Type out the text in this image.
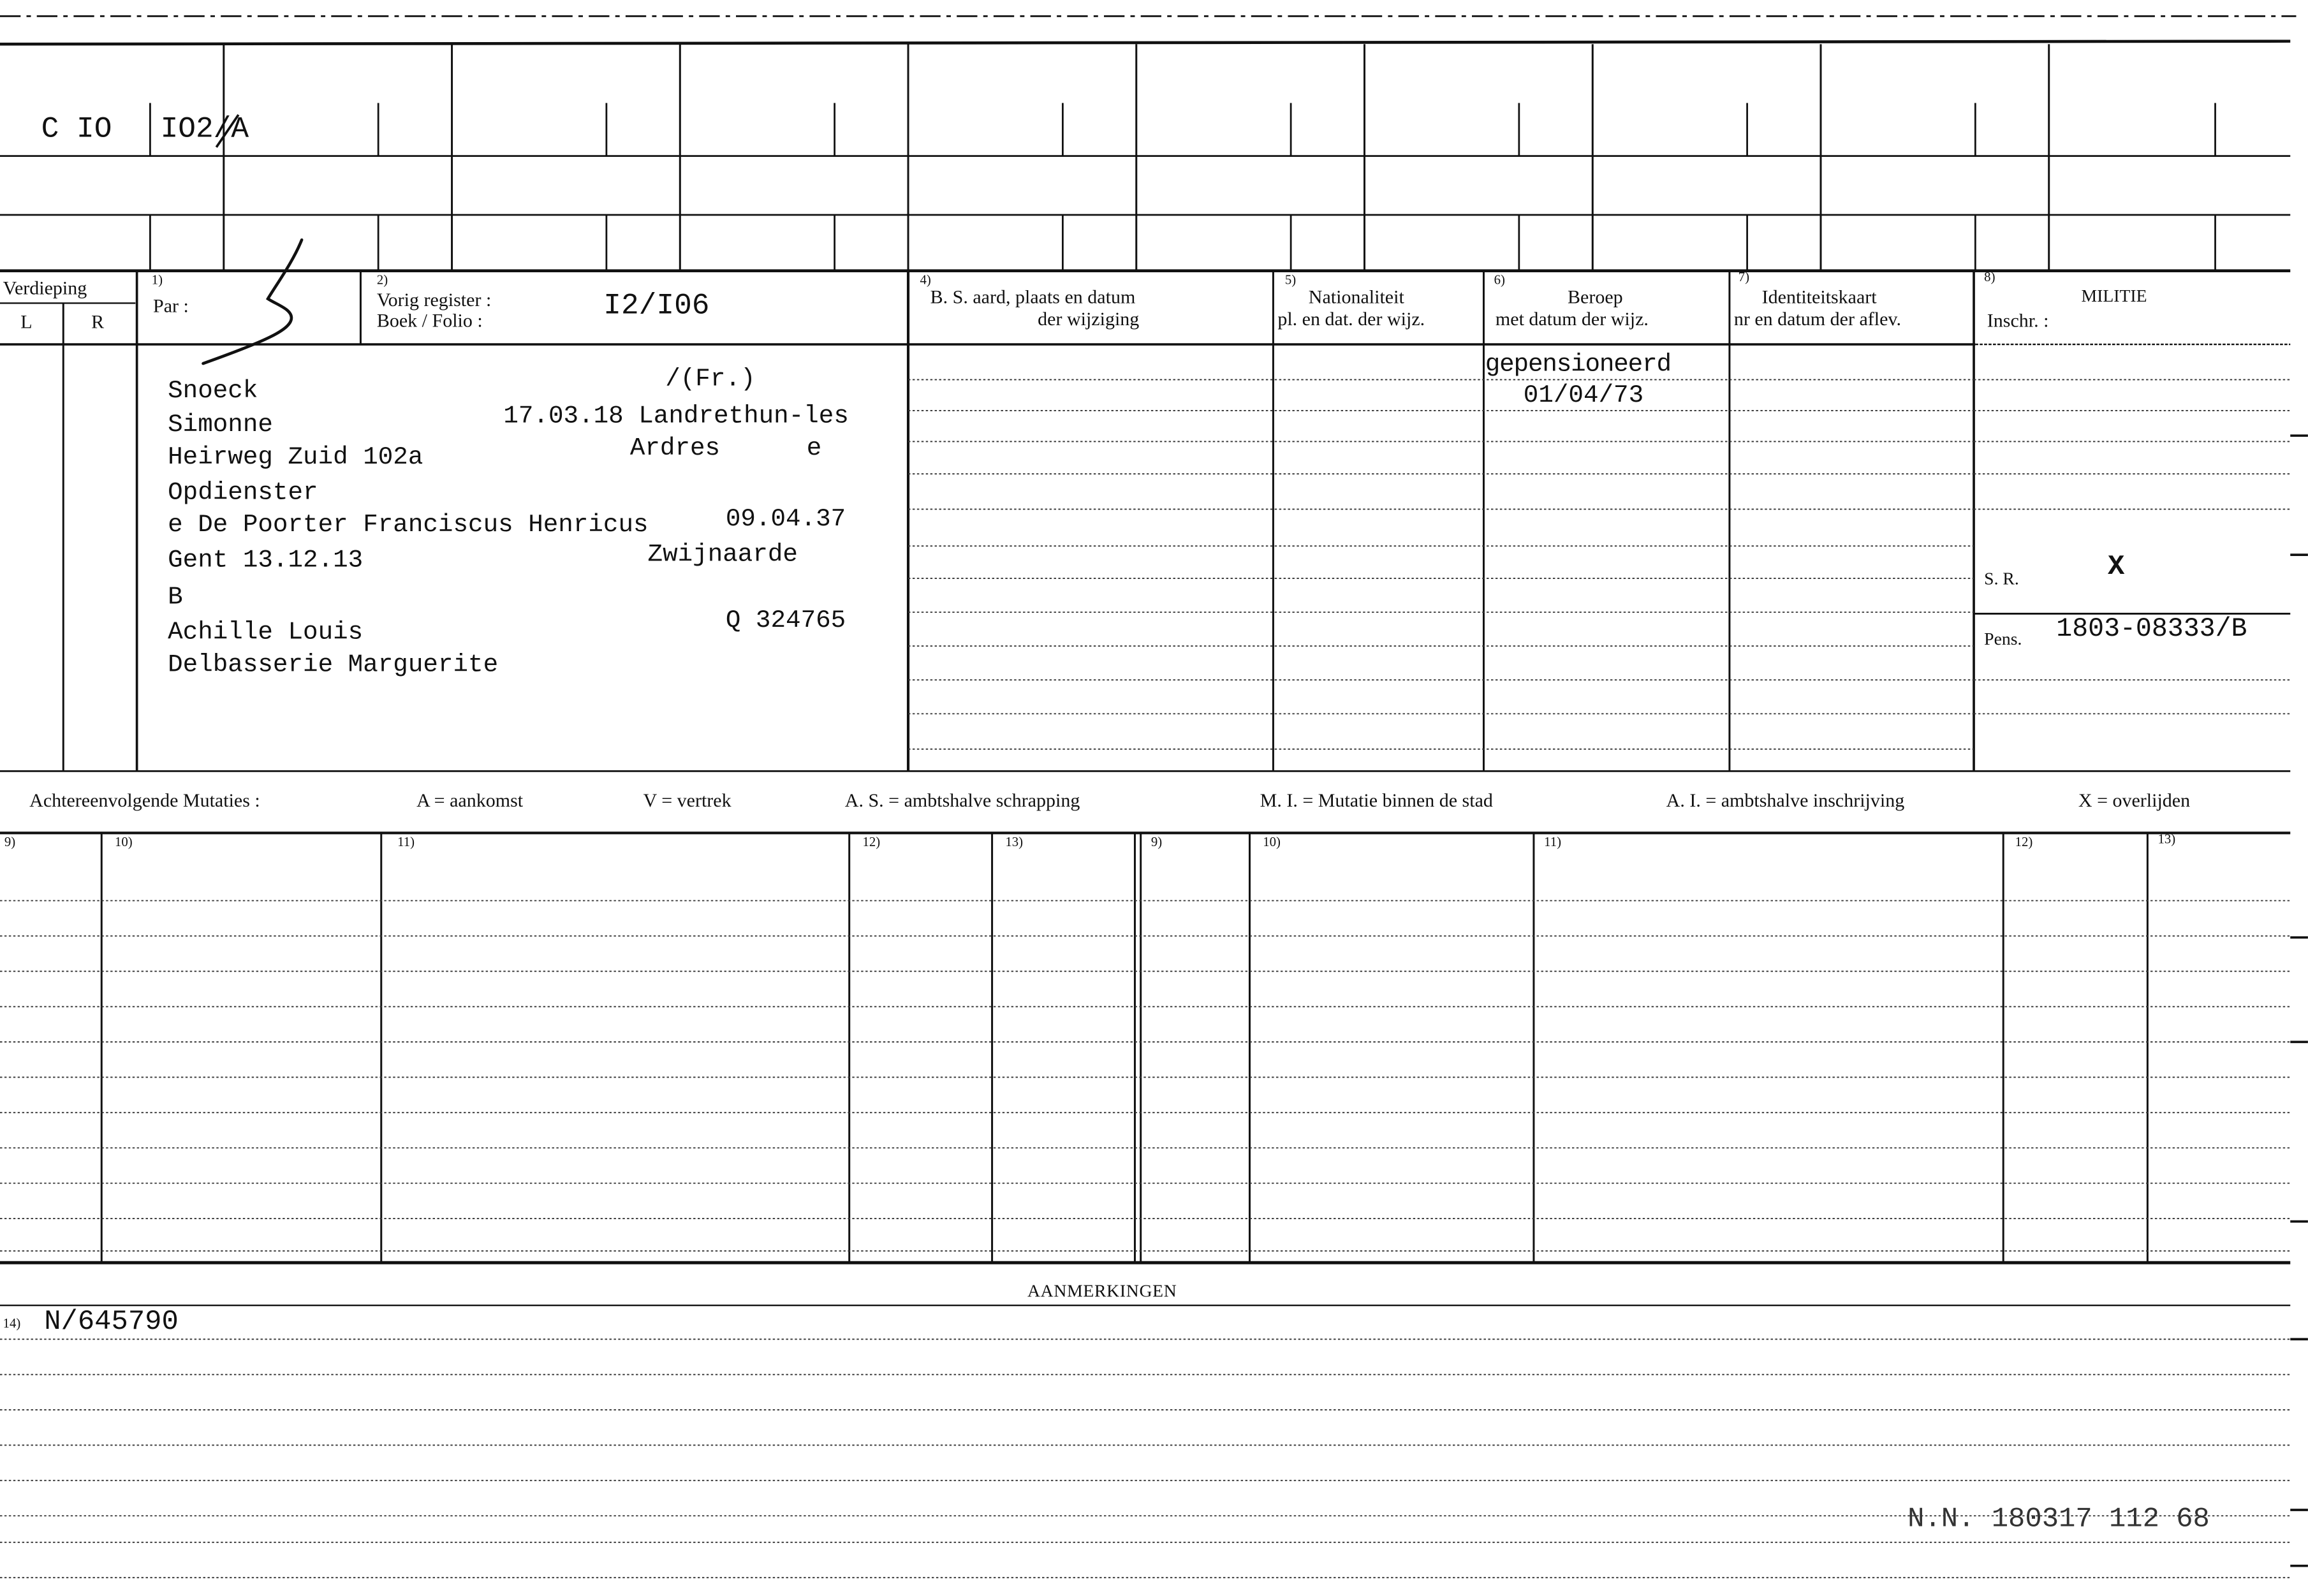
C IO	IO2/A
Verdieping
L	R
1)
Par :
2)
Vorig register :
Boek / Folio :	I2/I06
4)
B. S. aard, plaats en datum
der wijziging
5)
Nationaliteit
pl. en dat. der wijz.
6)
Beroep
met datum der wijz.
7)
Identiteitskaart
nr en datum der aflev.
8)
MILITIE
Inschr. :
Snoeck
Simonne
Heirweg Zuid 102a
Opdienster
e De Poorter Franciscus Henricus
Gent 13.12.13
B
Achille Louis
Delbasserie Marguerite
/(Fr.)
17.03.18 Landrethun-les
Ardres	e
09.04.37
Zwijnaarde
Q 324765
gepensioneerd
01/04/73
S. R.	X
Pens.	1803-08333/B
Achtereenvolgende Mutaties :	A = aankomst	V = vertrek	A. S. = ambtshalve schrapping	M. I. = Mutatie binnen de stad	A. I. = ambtshalve inschrijving	X = overlijden
9)	10)	11)	12)	13)	9)	10)	11)	12)	13)
AANMERKINGEN
14) N/645790
N.N. 180317 112 68
